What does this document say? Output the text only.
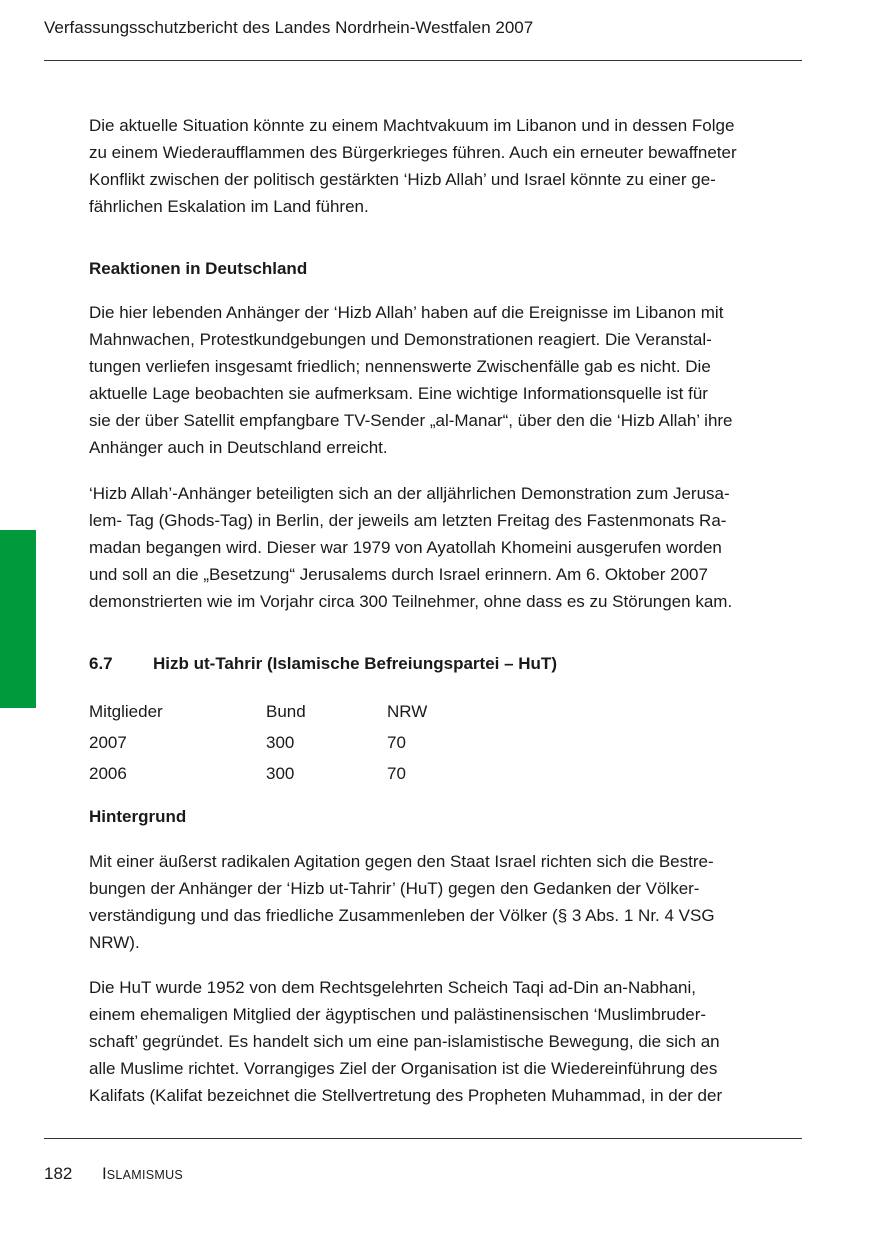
Verfassungsschutzbericht des Landes Nordrhein-Westfalen 2007

Die aktuelle Situation könnte zu einem Machtvakuum im Libanon und in dessen Folge
zu einem Wiederaufflammen des Bürgerkrieges führen. Auch ein erneuter bewaffneter
Konflikt zwischen der politisch gestärkten ‘Hizb Allah’ und Israel könnte zu einer ge-
fährlichen Eskalation im Land führen.

Reaktionen in Deutschland

Die hier lebenden Anhänger der ‘Hizb Allah’ haben auf die Ereignisse im Libanon mit
Mahnwachen, Protestkundgebungen und Demonstrationen reagiert. Die Veranstal-
tungen verliefen insgesamt friedlich; nennenswerte Zwischenfälle gab es nicht. Die
aktuelle Lage beobachten sie aufmerksam. Eine wichtige Informationsquelle ist für
sie der über Satellit empfangbare TV-Sender „al-Manar“, über den die ‘Hizb Allah’ ihre
Anhänger auch in Deutschland erreicht.

‘Hizb Allah’-Anhänger beteiligten sich an der alljährlichen Demonstration zum Jerusa-
lem- Tag (Ghods-Tag) in Berlin, der jeweils am letzten Freitag des Fastenmonats Ra-
madan begangen wird. Dieser war 1979 von Ayatollah Khomeini ausgerufen worden
und soll an die „Besetzung“ Jerusalems durch Israel erinnern. Am 6. Oktober 2007
demonstrierten wie im Vorjahr circa 300 Teilnehmer, ohne dass es zu Störungen kam.

6.7 Hizb ut-Tahrir (Islamische Befreiungspartei – HuT)
Mitglieder	Bund	NRW
2007	300	70
2006	300	70
Hintergrund

Mit einer äußerst radikalen Agitation gegen den Staat Israel richten sich die Bestre-
bungen der Anhänger der ‘Hizb ut-Tahrir’ (HuT) gegen den Gedanken der Völker-
verständigung und das friedliche Zusammenleben der Völker (§ 3 Abs. 1 Nr. 4 VSG
NRW).

Die HuT wurde 1952 von dem Rechtsgelehrten Scheich Taqi ad-Din an-Nabhani,
einem ehemaligen Mitglied der ägyptischen und palästinensischen ‘Muslimbruder-
schaft’ gegründet. Es handelt sich um eine pan-islamistische Bewegung, die sich an
alle Muslime richtet. Vorrangiges Ziel der Organisation ist die Wiedereinführung des
Kalifats (Kalifat bezeichnet die Stellvertretung des Propheten Muhammad, in der der

182 ISLAMISMUS
